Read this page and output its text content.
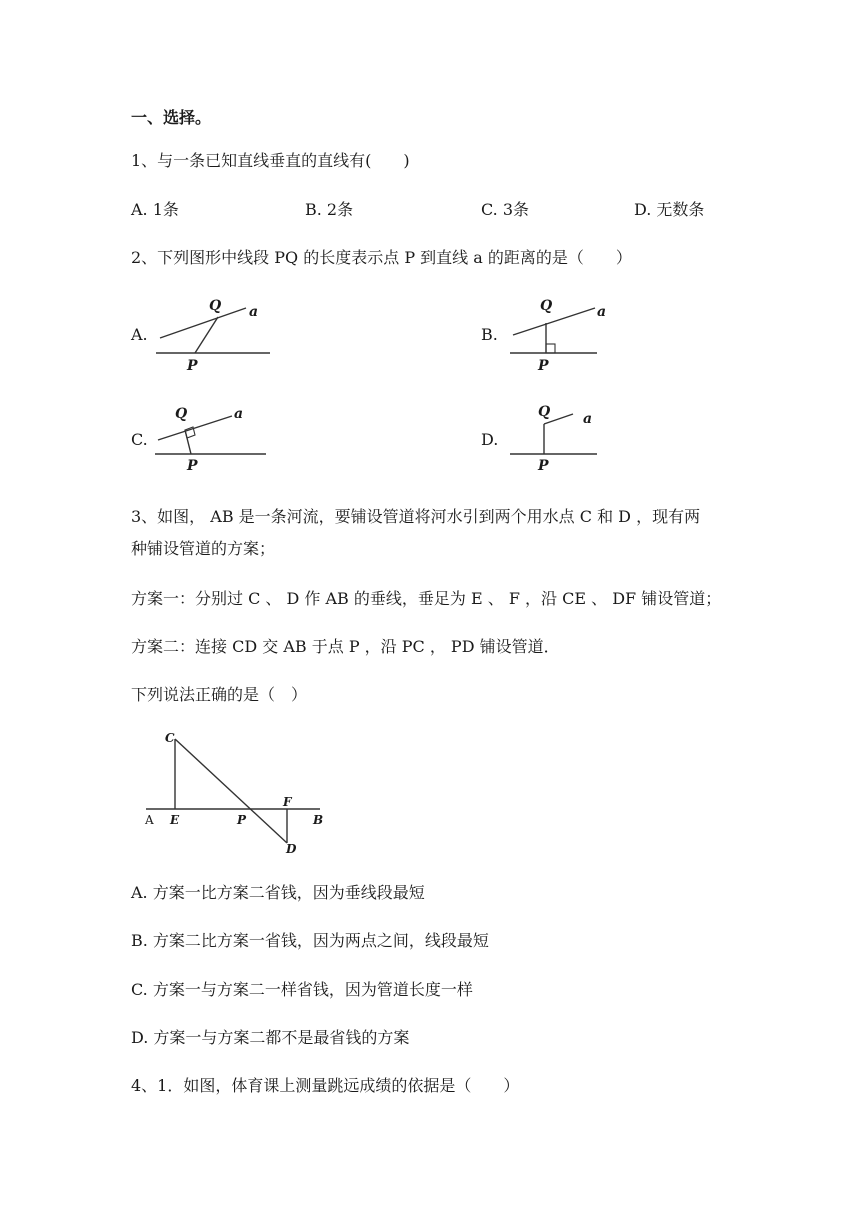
一、选择。
1、与一条已知直线垂直的直线有(　　)
A. 1条	B. 2条	C. 3条	D. 无数条
2、下列图形中线段 PQ 的长度表示点 P 到直线 a 的距离的是（　　）
A.
Q a
P
B.
Q	a
P
C.
Q	a
P
D.
Q a
P
3、如图， AB 是一条河流，要铺设管道将河水引到两个用水点 C 和 D ，现有两
种铺设管道的方案；
方案一：分别过 C 、 D 作 AB 的垂线，垂足为 E 、 F ，沿 CE 、 DF 铺设管道；
方案二：连接 CD 交 AB 于点 P ，沿 PC ， PD 铺设管道．
下列说法正确的是（　）
C
A E	P
F
B
D
A. 方案一比方案二省钱，因为垂线段最短
B. 方案二比方案一省钱，因为两点之间，线段最短
C. 方案一与方案二一样省钱，因为管道长度一样
D. 方案一与方案二都不是最省钱的方案
4、1．如图，体育课上测量跳远成绩的依据是（　　）
